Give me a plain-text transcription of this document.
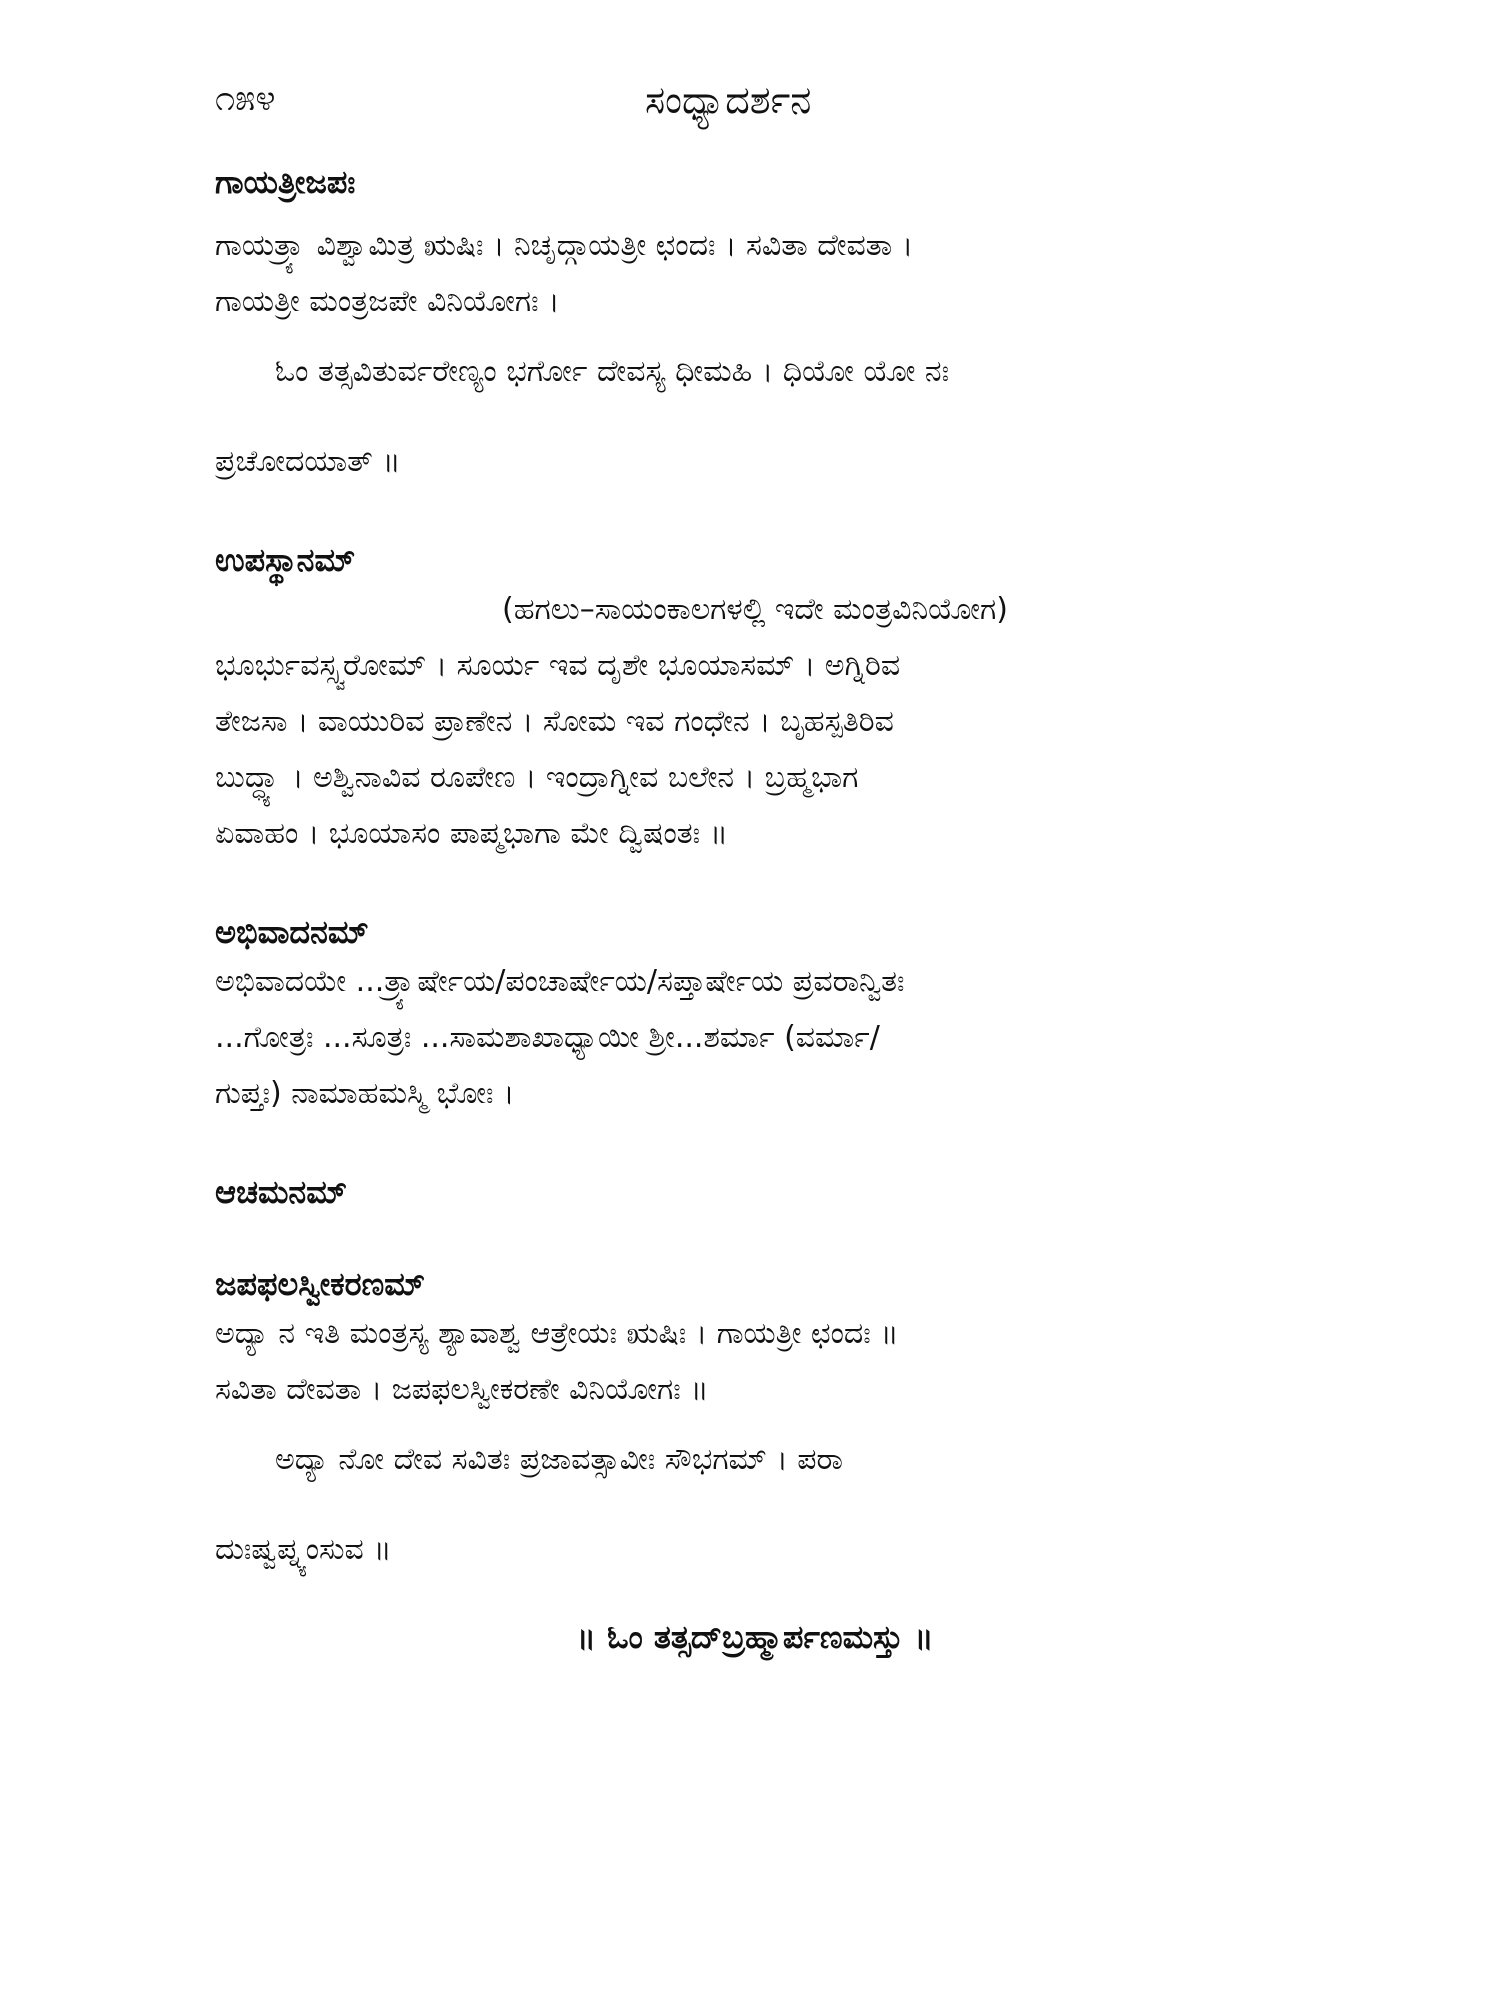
೧೫೪	ಸಂಧ್ಯಾದರ್ಶನ

ಗಾಯತ್ರೀಜಪಃ

ಗಾಯತ್ರ್ಯಾ ವಿಶ್ವಾಮಿತ್ರ ಋಷಿಃ । ನಿಚೃದ್ಗಾಯತ್ರೀ ಛಂದಃ । ಸವಿತಾ ದೇವತಾ ।

ಗಾಯತ್ರೀ ಮಂತ್ರಜಪೇ ವಿನಿಯೋಗಃ ।

ಓಂ ತತ್ಸವಿತುರ್ವರೇಣ್ಯಂ ಭರ್ಗೋ ದೇವಸ್ಯ ಧೀಮಹಿ । ಧಿಯೋ ಯೋ ನಃ

ಪ್ರಚೋದಯಾತ್ ॥

ಉಪಸ್ಥಾನಮ್

(ಹಗಲು–ಸಾಯಂಕಾಲಗಳಲ್ಲಿ ಇದೇ ಮಂತ್ರವಿನಿಯೋಗ)

ಭೂರ್ಭುವಸ್ಸ್ವರೋಮ್ । ಸೂರ್ಯ ಇವ ದೃಶೇ ಭೂಯಾಸಮ್ । ಅಗ್ನಿರಿವ

ತೇಜಸಾ । ವಾಯುರಿವ ಪ್ರಾಣೇನ । ಸೋಮ ಇವ ಗಂಧೇನ । ಬೃಹಸ್ಪತಿರಿವ

ಬುದ್ಧ್ಯಾ । ಅಶ್ವಿನಾವಿವ ರೂಪೇಣ । ಇಂದ್ರಾಗ್ನೀವ ಬಲೇನ । ಬ್ರಹ್ಮಭಾಗ

ಏವಾಹಂ । ಭೂಯಾಸಂ ಪಾಪ್ಮಭಾಗಾ ಮೇ ದ್ವಿಷಂತಃ ॥

ಅಭಿವಾದನಮ್

ಅಭಿವಾದಯೇ ...ತ್ರ್ಯಾರ್ಷೇಯ/ಪಂಚಾರ್ಷೇಯ/ಸಪ್ತಾರ್ಷೇಯ ಪ್ರವರಾನ್ವಿತಃ

...ಗೋತ್ರಃ ...ಸೂತ್ರಃ ...ಸಾಮಶಾಖಾಧ್ಯಾಯೀ ಶ್ರೀ...ಶರ್ಮಾ (ವರ್ಮಾ/

ಗುಪ್ತಃ) ನಾಮಾಹಮಸ್ಮಿ ಭೋಃ ।

ಆಚಮನಮ್

ಜಪಫಲಸ್ವೀಕರಣಮ್

ಅದ್ಯಾ ನ ಇತಿ ಮಂತ್ರಸ್ಯ ಶ್ಯಾವಾಶ್ವ ಆತ್ರೇಯಃ ಋಷಿಃ । ಗಾಯತ್ರೀ ಛಂದಃ ॥

ಸವಿತಾ ದೇವತಾ । ಜಪಫಲಸ್ವೀಕರಣೇ ವಿನಿಯೋಗಃ ॥

ಅದ್ಯಾ ನೋ ದೇವ ಸವಿತಃ ಪ್ರಜಾವತ್ಸಾವೀಃ ಸೌಭಗಮ್ । ಪರಾ

ದುಃಷ್ವಪ್ನ್ಯಂಸುವ ॥

॥ ಓಂ ತತ್ಸದ್‌ಬ್ರಹ್ಮಾರ್ಪಣಮಸ್ತು ॥
